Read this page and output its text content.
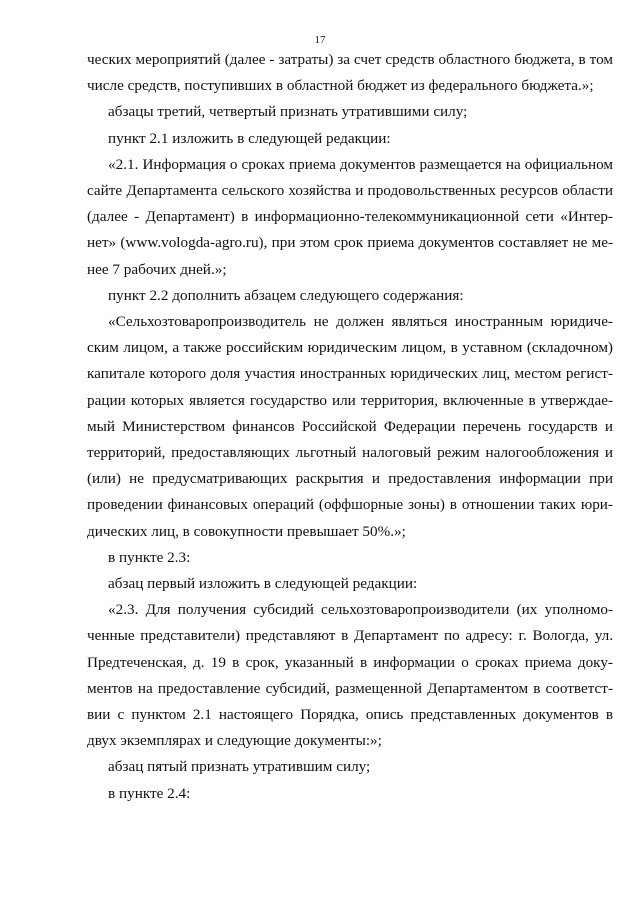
17
ческих мероприятий (далее - затраты) за счет средств областного бюджета, в том
числе средств, поступивших в областной бюджет из федерального бюджета.»;
абзацы третий, четвертый признать утратившими силу;
пункт 2.1 изложить в следующей редакции:
«2.1. Информация о сроках приема документов размещается на официальном
сайте Департамента сельского хозяйства и продовольственных ресурсов области
(далее - Департамент) в информационно-телекоммуникационной сети «Интер-
нет» (www.vologda-agro.ru), при этом срок приема документов составляет не ме-
нее 7 рабочих дней.»;
пункт 2.2 дополнить абзацем следующего содержания:
«Сельхозтоваропроизводитель не должен являться иностранным юридиче-
ским лицом, а также российским юридическим лицом, в уставном (складочном)
капитале которого доля участия иностранных юридических лиц, местом регист-
рации которых является государство или территория, включенные в утверждае-
мый Министерством финансов Российской Федерации перечень государств и
территорий, предоставляющих льготный налоговый режим налогообложения и
(или) не предусматривающих раскрытия и предоставления информации при
проведении финансовых операций (оффшорные зоны) в отношении таких юри-
дических лиц, в совокупности превышает 50%.»;
в пункте 2.3:
абзац первый изложить в следующей редакции:
«2.3. Для получения субсидий сельхозтоваропроизводители (их уполномо-
ченные представители) представляют в Департамент по адресу: г. Вологда, ул.
Предтеченская, д. 19 в срок, указанный в информации о сроках приема доку-
ментов на предоставление субсидий, размещенной Департаментом в соответст-
вии с пунктом 2.1 настоящего Порядка, опись представленных документов в
двух экземплярах и следующие документы:»;
абзац пятый признать утратившим силу;
в пункте 2.4:
